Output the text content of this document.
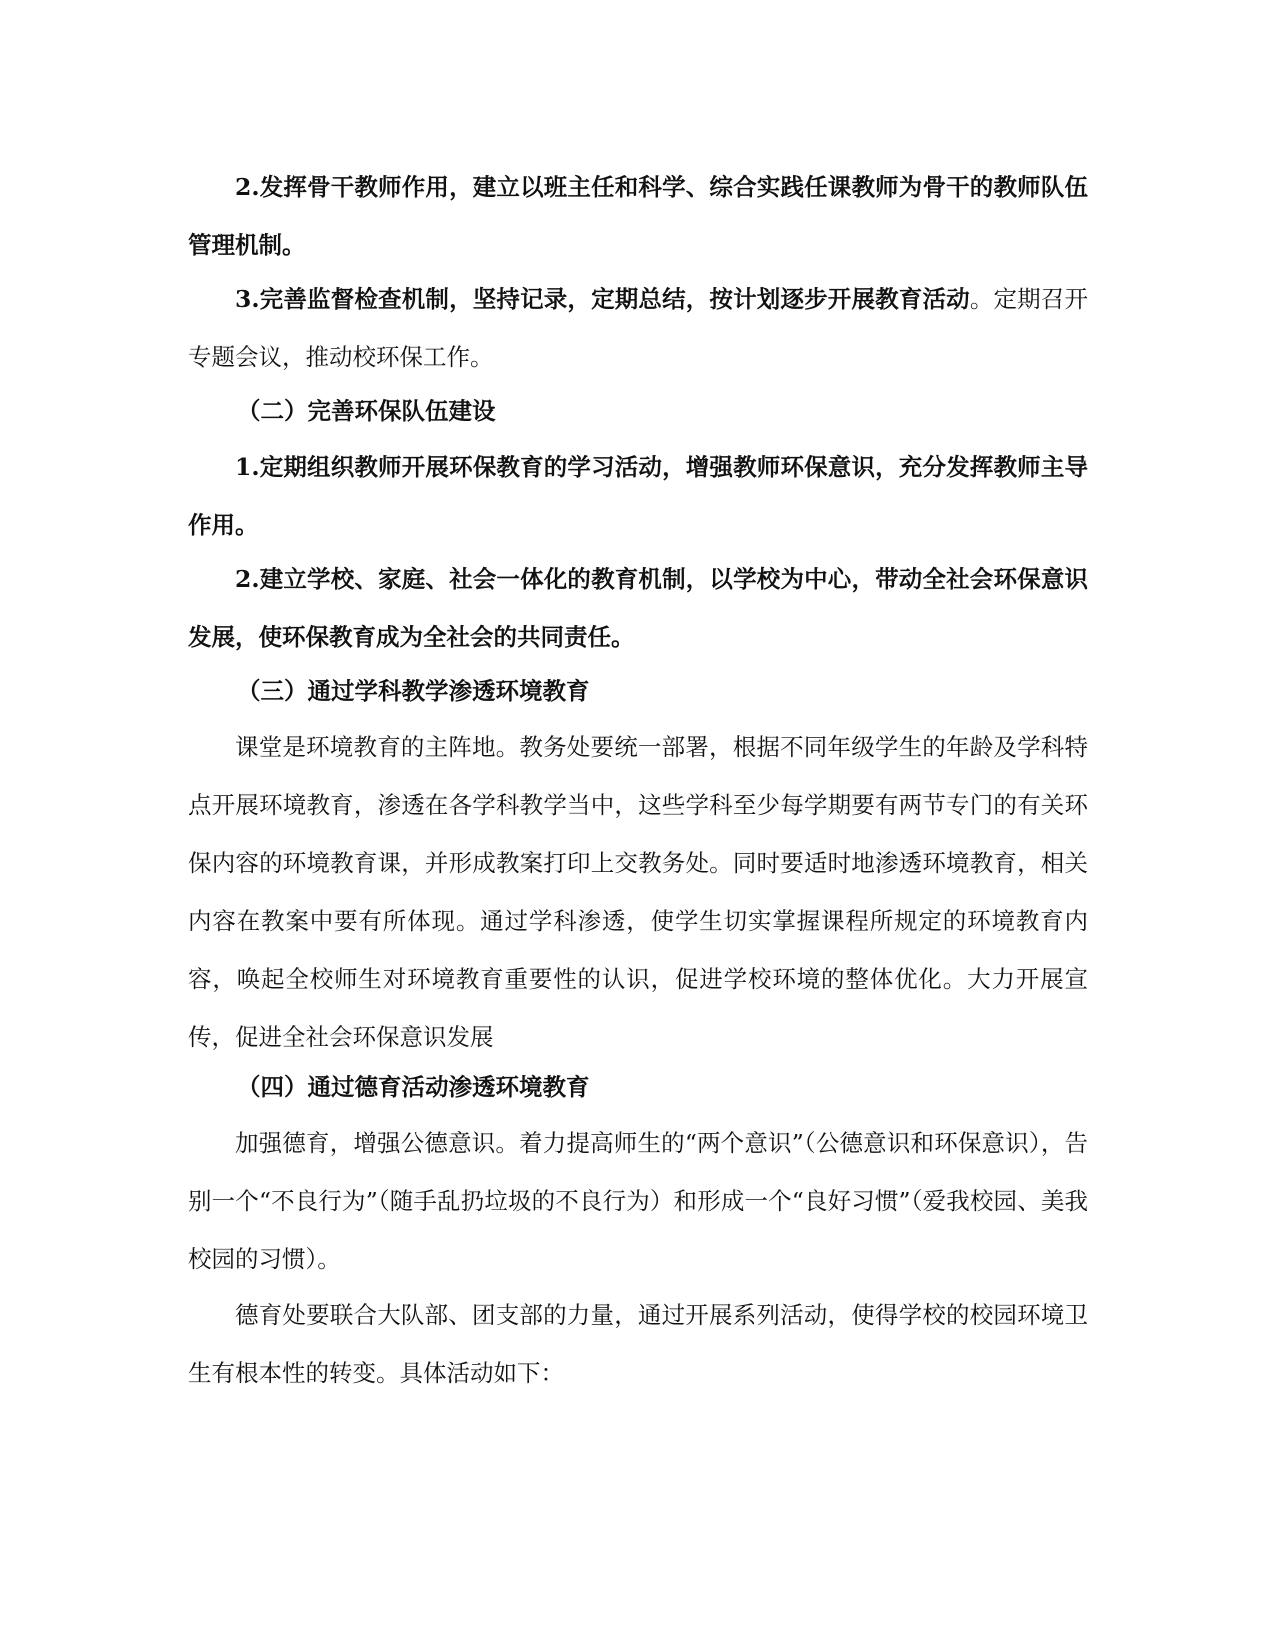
2.发挥骨干教师作用，建立以班主任和科学、综合实践任课教师为骨干的教师队伍管理机制。

3.完善监督检查机制，坚持记录，定期总结，按计划逐步开展教育活动。定期召开专题会议，推动校环保工作。

（二）完善环保队伍建设

1.定期组织教师开展环保教育的学习活动，增强教师环保意识，充分发挥教师主导作用。

2.建立学校、家庭、社会一体化的教育机制，以学校为中心，带动全社会环保意识发展，使环保教育成为全社会的共同责任。

（三）通过学科教学渗透环境教育

课堂是环境教育的主阵地。教务处要统一部署，根据不同年级学生的年龄及学科特点开展环境教育，渗透在各学科教学当中，这些学科至少每学期要有两节专门的有关环保内容的环境教育课，并形成教案打印上交教务处。同时要适时地渗透环境教育，相关内容在教案中要有所体现。通过学科渗透，使学生切实掌握课程所规定的环境教育内容，唤起全校师生对环境教育重要性的认识，促进学校环境的整体优化。大力开展宣传，促进全社会环保意识发展

（四）通过德育活动渗透环境教育

加强德育，增强公德意识。着力提高师生的“两个意识”（公德意识和环保意识），告别一个“不良行为”（随手乱扔垃圾的不良行为）和形成一个“良好习惯”（爱我校园、美我校园的习惯）。

德育处要联合大队部、团支部的力量，通过开展系列活动，使得学校的校园环境卫生有根本性的转变。具体活动如下：
